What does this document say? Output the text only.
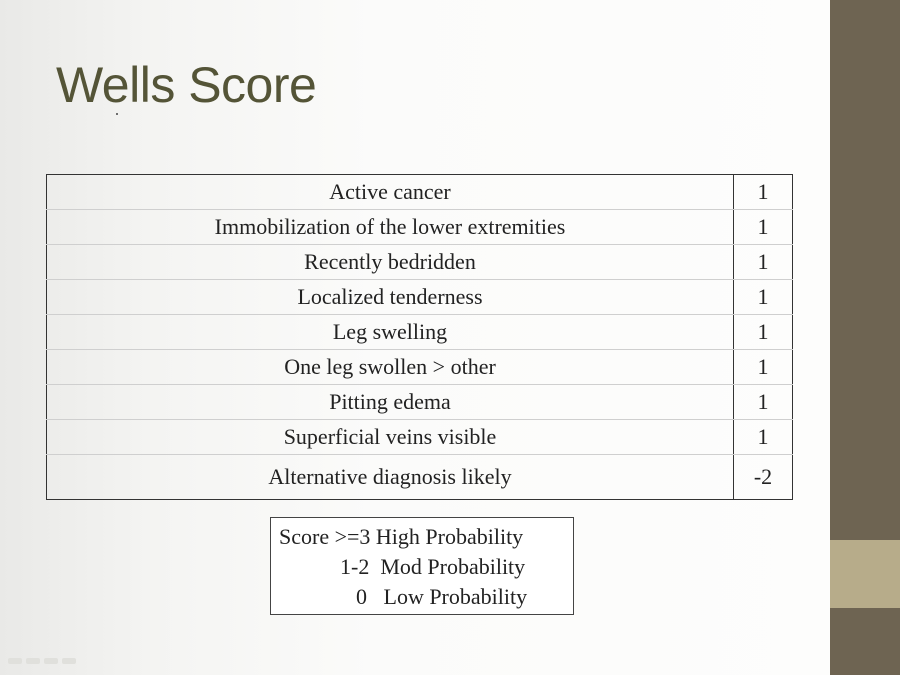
Wells Score
Active cancer	1
Immobilization of the lower extremities	1
Recently bedridden	1
Localized tenderness	1
Leg swelling	1
One leg swollen > other	1
Pitting edema	1
Superficial veins visible	1
Alternative diagnosis likely	-2
Score >=3 High Probability
1-2  Mod Probability
0   Low Probability
